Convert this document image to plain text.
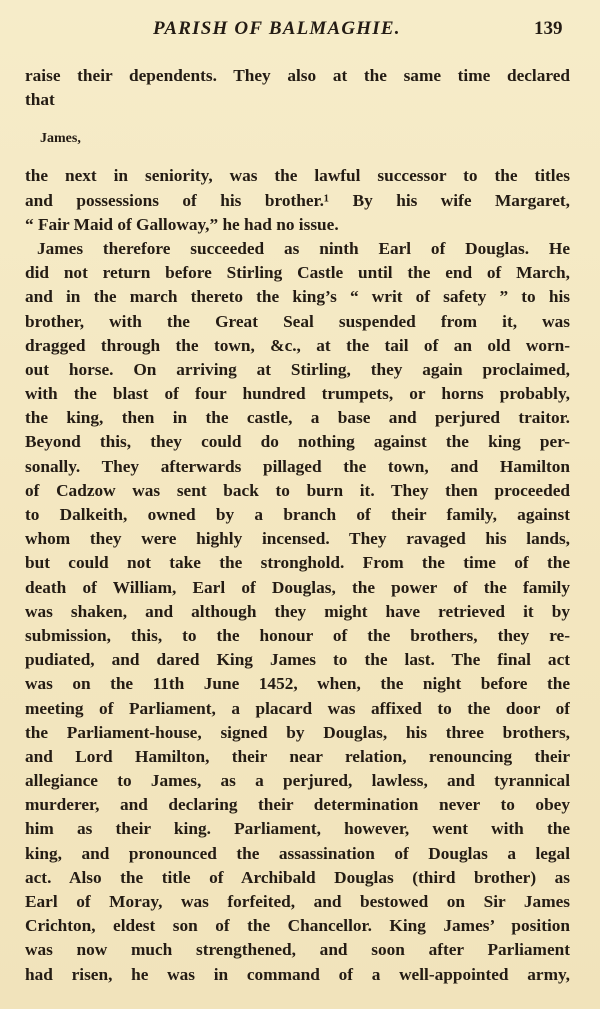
PARISH OF BALMAGHIE.	139
raise their dependents. They also at the same time declared
that
James,
the next in seniority, was the lawful successor to the titles
and possessions of his brother.¹ By his wife Margaret,
“ Fair Maid of Galloway,” he had no issue.
James therefore succeeded as ninth Earl of Douglas. He
did not return before Stirling Castle until the end of March,
and in the march thereto the king’s “ writ of safety ” to his
brother, with the Great Seal suspended from it, was
dragged through the town, &c., at the tail of an old worn-
out horse. On arriving at Stirling, they again proclaimed,
with the blast of four hundred trumpets, or horns probably,
the king, then in the castle, a base and perjured traitor.
Beyond this, they could do nothing against the king per-
sonally. They afterwards pillaged the town, and Hamilton
of Cadzow was sent back to burn it. They then proceeded
to Dalkeith, owned by a branch of their family, against
whom they were highly incensed. They ravaged his lands,
but could not take the stronghold. From the time of the
death of William, Earl of Douglas, the power of the family
was shaken, and although they might have retrieved it by
submission, this, to the honour of the brothers, they re-
pudiated, and dared King James to the last. The final act
was on the 11th June 1452, when, the night before the
meeting of Parliament, a placard was affixed to the door of
the Parliament-house, signed by Douglas, his three brothers,
and Lord Hamilton, their near relation, renouncing their
allegiance to James, as a perjured, lawless, and tyrannical
murderer, and declaring their determination never to obey
him as their king. Parliament, however, went with the
king, and pronounced the assassination of Douglas a legal
act. Also the title of Archibald Douglas (third brother) as
Earl of Moray, was forfeited, and bestowed on Sir James
Crichton, eldest son of the Chancellor. King James’ position
was now much strengthened, and soon after Parliament
had risen, he was in command of a well-appointed army,
